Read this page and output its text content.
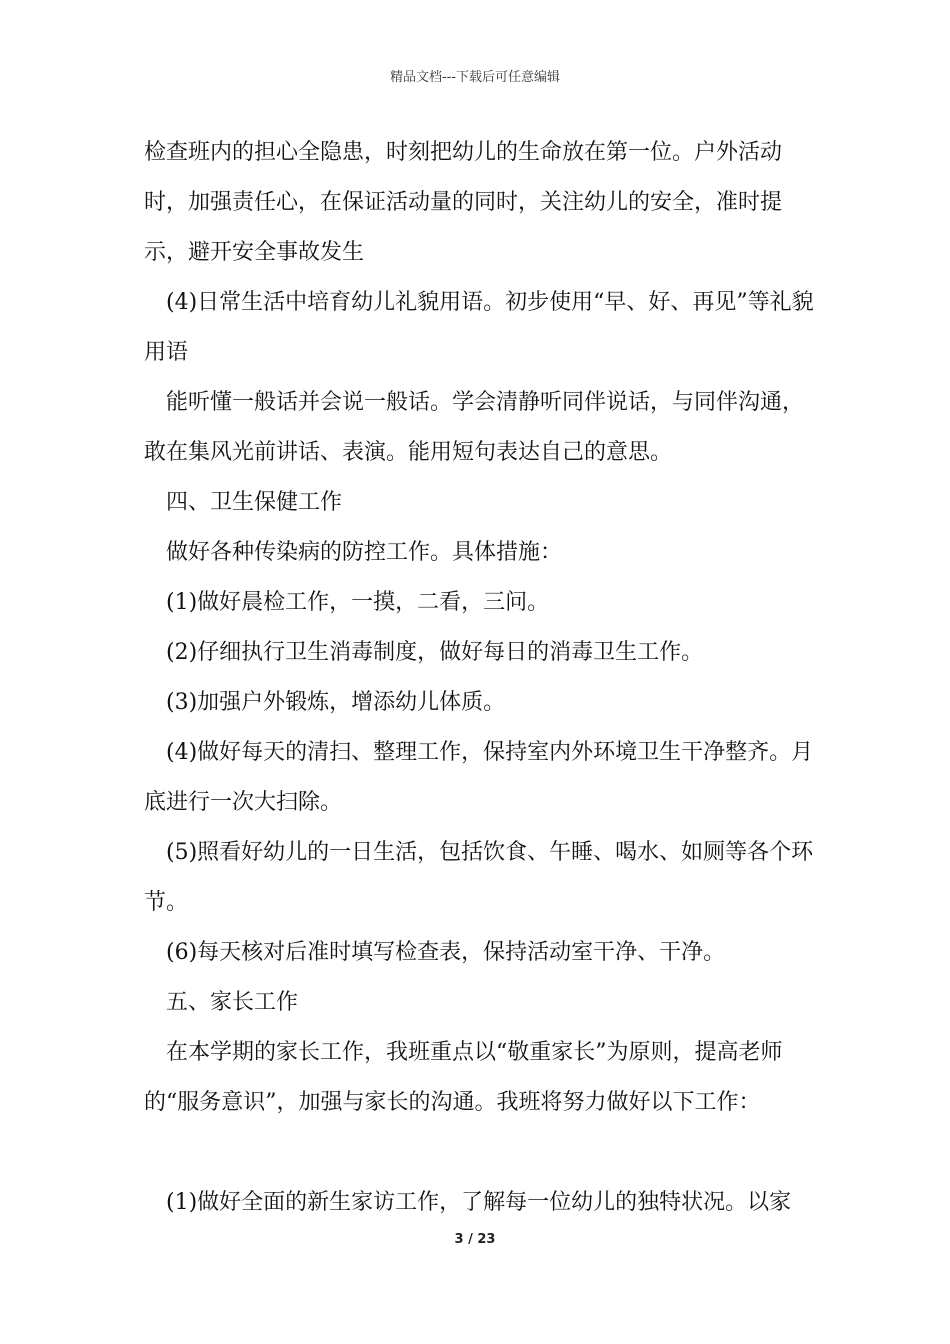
精品文档---下载后可任意编辑

检查班内的担心全隐患，时刻把幼儿的生命放在第一位。户外活动时，加强责任心，在保证活动量的同时，关注幼儿的安全，准时提示，避开安全事故发生

(4)日常生活中培育幼儿礼貌用语。初步使用“早、好、再见”等礼貌用语

能听懂一般话并会说一般话。学会清静听同伴说话，与同伴沟通，敢在集风光前讲话、表演。能用短句表达自己的意思。

四、卫生保健工作

做好各种传染病的防控工作。具体措施：

(1)做好晨检工作，一摸，二看，三问。

(2)仔细执行卫生消毒制度，做好每日的消毒卫生工作。

(3)加强户外锻炼，增添幼儿体质。

(4)做好每天的清扫、整理工作，保持室内外环境卫生干净整齐。月底进行一次大扫除。

(5)照看好幼儿的一日生活，包括饮食、午睡、喝水、如厕等各个环节。

(6)每天核对后准时填写检查表，保持活动室干净、干净。

五、家长工作

在本学期的家长工作，我班重点以“敬重家长”为原则，提高老师的“服务意识”，加强与家长的沟通。我班将努力做好以下工作：

(1)做好全面的新生家访工作，了解每一位幼儿的独特状况。以家

3 / 23
